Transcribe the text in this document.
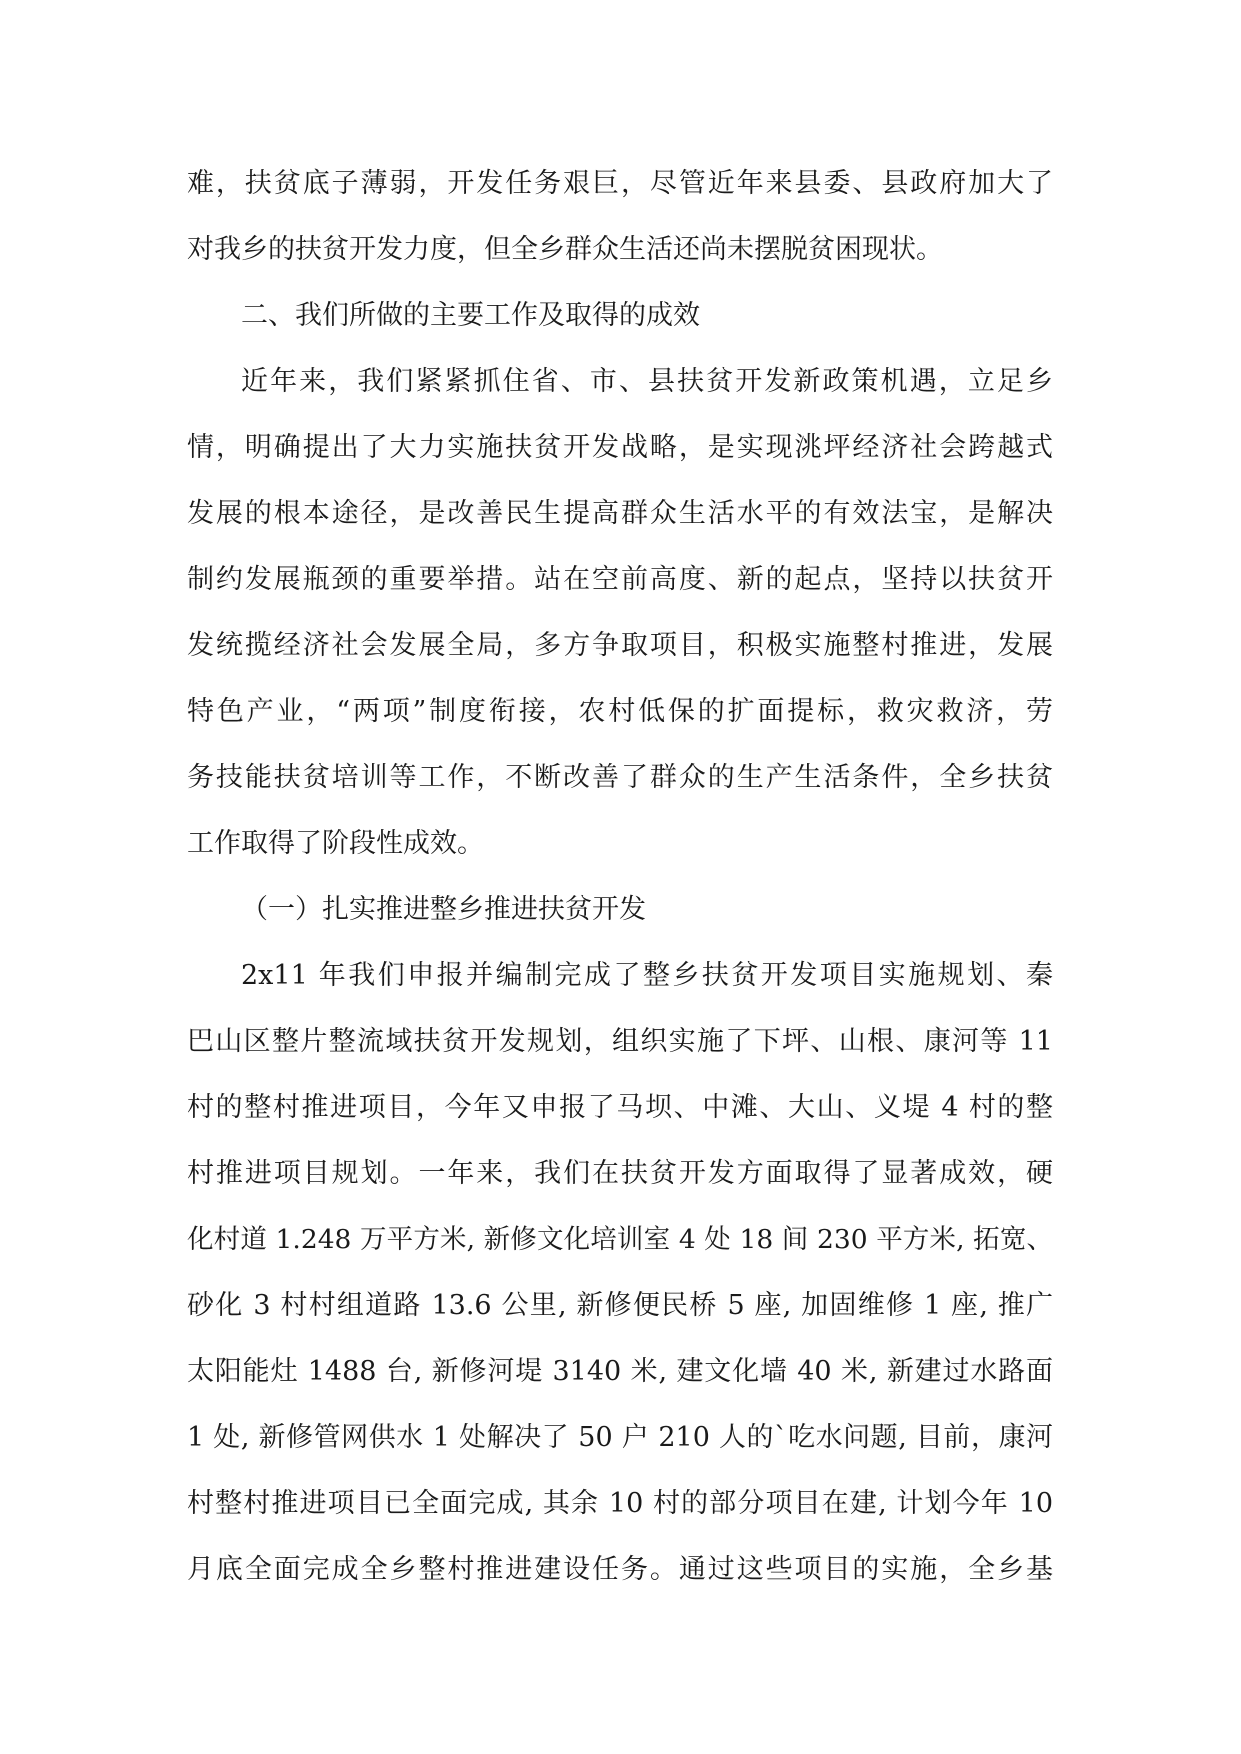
难，扶贫底子薄弱，开发任务艰巨，尽管近年来县委、县政府加大了
对我乡的扶贫开发力度，但全乡群众生活还尚未摆脱贫困现状。
二、我们所做的主要工作及取得的成效
近年来，我们紧紧抓住省、市、县扶贫开发新政策机遇，立足乡
情，明确提出了大力实施扶贫开发战略，是实现洮坪经济社会跨越式
发展的根本途径，是改善民生提高群众生活水平的有效法宝，是解决
制约发展瓶颈的重要举措。站在空前高度、新的起点，坚持以扶贫开
发统揽经济社会发展全局，多方争取项目，积极实施整村推进，发展
特色产业，“两项”制度衔接，农村低保的扩面提标，救灾救济，劳
务技能扶贫培训等工作，不断改善了群众的生产生活条件，全乡扶贫
工作取得了阶段性成效。
（一）扎实推进整乡推进扶贫开发
2x11 年我们申报并编制完成了整乡扶贫开发项目实施规划、秦
巴山区整片整流域扶贫开发规划，组织实施了下坪、山根、康河等 11
村的整村推进项目，今年又申报了马坝、中滩、大山、义堤 4 村的整
村推进项目规划。一年来，我们在扶贫开发方面取得了显著成效，硬
化村道 1.248 万平方米, 新修文化培训室 4 处 18 间 230 平方米, 拓宽、
砂化 3 村村组道路 13.6 公里, 新修便民桥 5 座, 加固维修 1 座, 推广
太阳能灶 1488 台, 新修河堤 3140 米, 建文化墙 40 米, 新建过水路面
1 处, 新修管网供水 1 处解决了 50 户 210 人的`吃水问题, 目前，康河
村整村推进项目已全面完成, 其余 10 村的部分项目在建, 计划今年 10
月底全面完成全乡整村推进建设任务。通过这些项目的实施，全乡基
